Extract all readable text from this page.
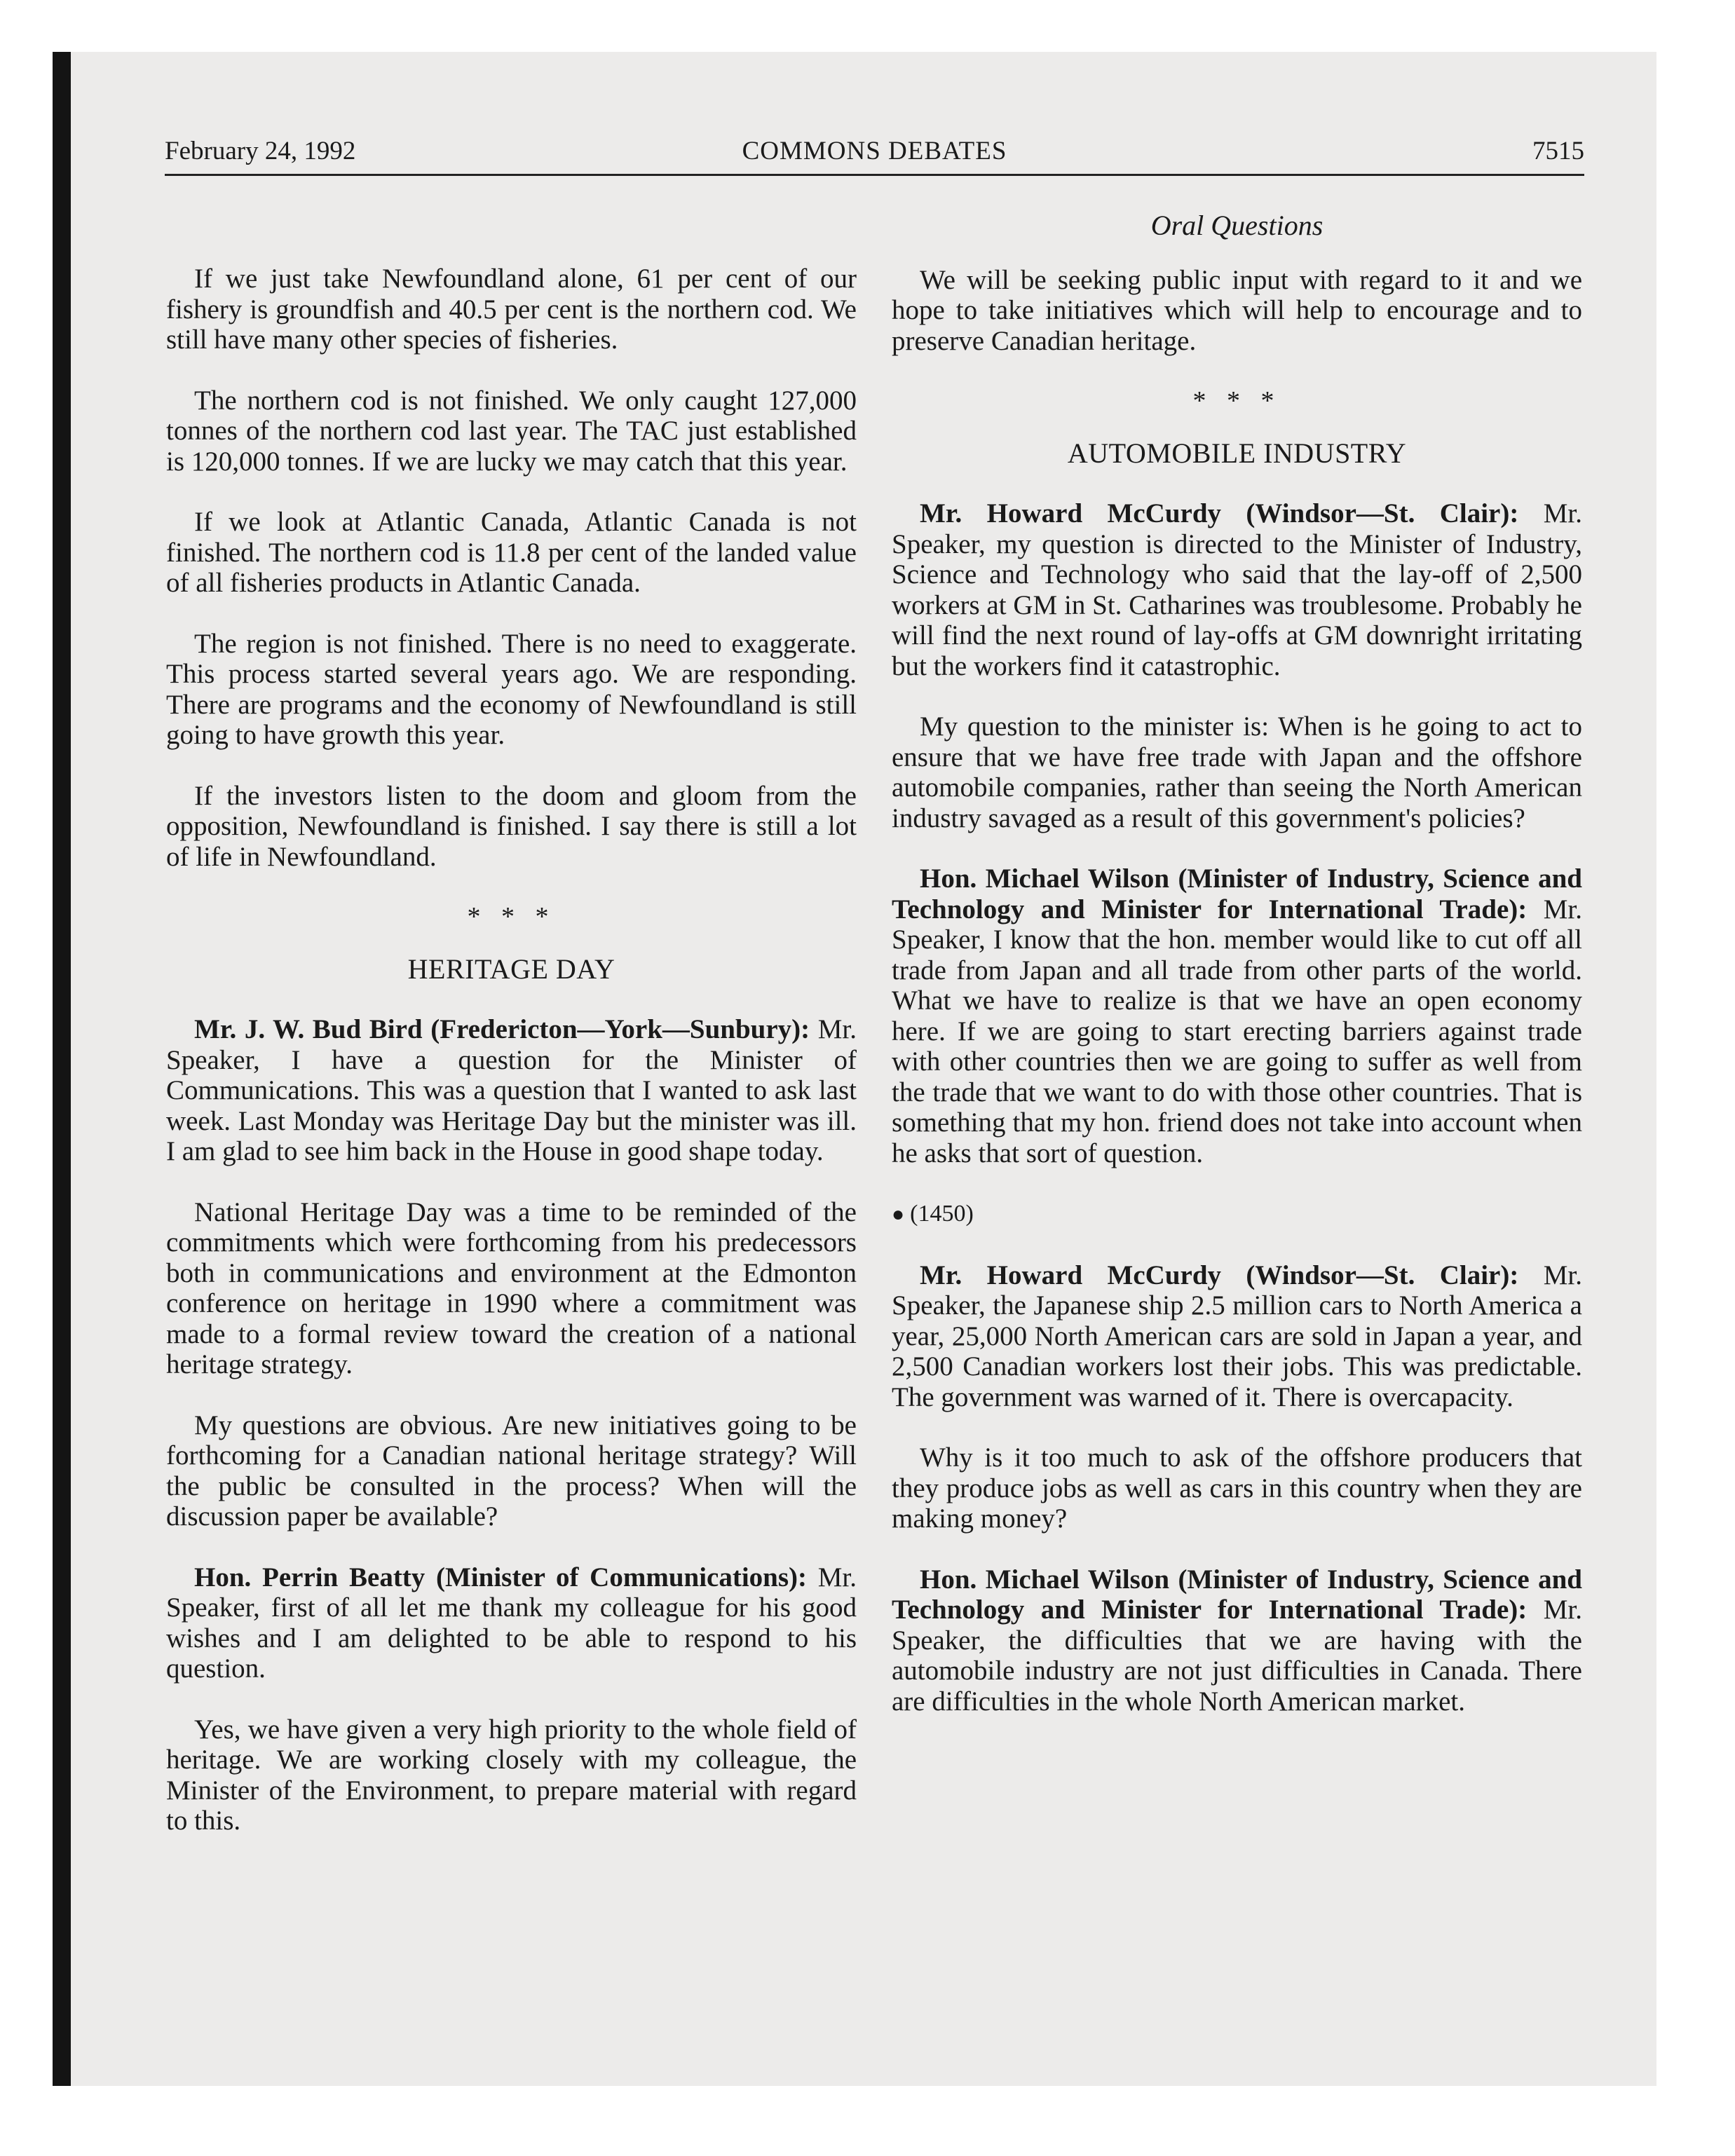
February 24, 1992	COMMONS DEBATES	7515

If we just take Newfoundland alone, 61 per cent of our fishery is groundfish and 40.5 per cent is the northern cod. We still have many other species of fisheries.

The northern cod is not finished. We only caught 127,000 tonnes of the northern cod last year. The TAC just established is 120,000 tonnes. If we are lucky we may catch that this year.

If we look at Atlantic Canada, Atlantic Canada is not finished. The northern cod is 11.8 per cent of the landed value of all fisheries products in Atlantic Canada.

The region is not finished. There is no need to exaggerate. This process started several years ago. We are responding. There are programs and the economy of Newfoundland is still going to have growth this year.

If the investors listen to the doom and gloom from the opposition, Newfoundland is finished. I say there is still a lot of life in Newfoundland.

* * *
HERITAGE DAY

Mr. J. W. Bud Bird (Fredericton—York—Sunbury): Mr. Speaker, I have a question for the Minister of Communications. This was a question that I wanted to ask last week. Last Monday was Heritage Day but the minister was ill. I am glad to see him back in the House in good shape today.

National Heritage Day was a time to be reminded of the commitments which were forthcoming from his predecessors both in communications and environment at the Edmonton conference on heritage in 1990 where a commitment was made to a formal review toward the creation of a national heritage strategy.

My questions are obvious. Are new initiatives going to be forthcoming for a Canadian national heritage strategy? Will the public be consulted in the process? When will the discussion paper be available?

Hon. Perrin Beatty (Minister of Communications): Mr. Speaker, first of all let me thank my colleague for his good wishes and I am delighted to be able to respond to his question.

Yes, we have given a very high priority to the whole field of heritage. We are working closely with my colleague, the Minister of the Environment, to prepare material with regard to this.

Oral Questions

We will be seeking public input with regard to it and we hope to take initiatives which will help to encourage and to preserve Canadian heritage.

* * *
AUTOMOBILE INDUSTRY

Mr. Howard McCurdy (Windsor—St. Clair): Mr. Speaker, my question is directed to the Minister of Industry, Science and Technology who said that the lay-off of 2,500 workers at GM in St. Catharines was troublesome. Probably he will find the next round of lay-offs at GM downright irritating but the workers find it catastrophic.

My question to the minister is: When is he going to act to ensure that we have free trade with Japan and the offshore automobile companies, rather than seeing the North American industry savaged as a result of this government's policies?

Hon. Michael Wilson (Minister of Industry, Science and Technology and Minister for International Trade): Mr. Speaker, I know that the hon. member would like to cut off all trade from Japan and all trade from other parts of the world. What we have to realize is that we have an open economy here. If we are going to start erecting barriers against trade with other countries then we are going to suffer as well from the trade that we want to do with those other countries. That is something that my hon. friend does not take into account when he asks that sort of question.

● (1450)

Mr. Howard McCurdy (Windsor—St. Clair): Mr. Speaker, the Japanese ship 2.5 million cars to North America a year, 25,000 North American cars are sold in Japan a year, and 2,500 Canadian workers lost their jobs. This was predictable. The government was warned of it. There is overcapacity.

Why is it too much to ask of the offshore producers that they produce jobs as well as cars in this country when they are making money?

Hon. Michael Wilson (Minister of Industry, Science and Technology and Minister for International Trade): Mr. Speaker, the difficulties that we are having with the automobile industry are not just difficulties in Canada. There are difficulties in the whole North American market.
